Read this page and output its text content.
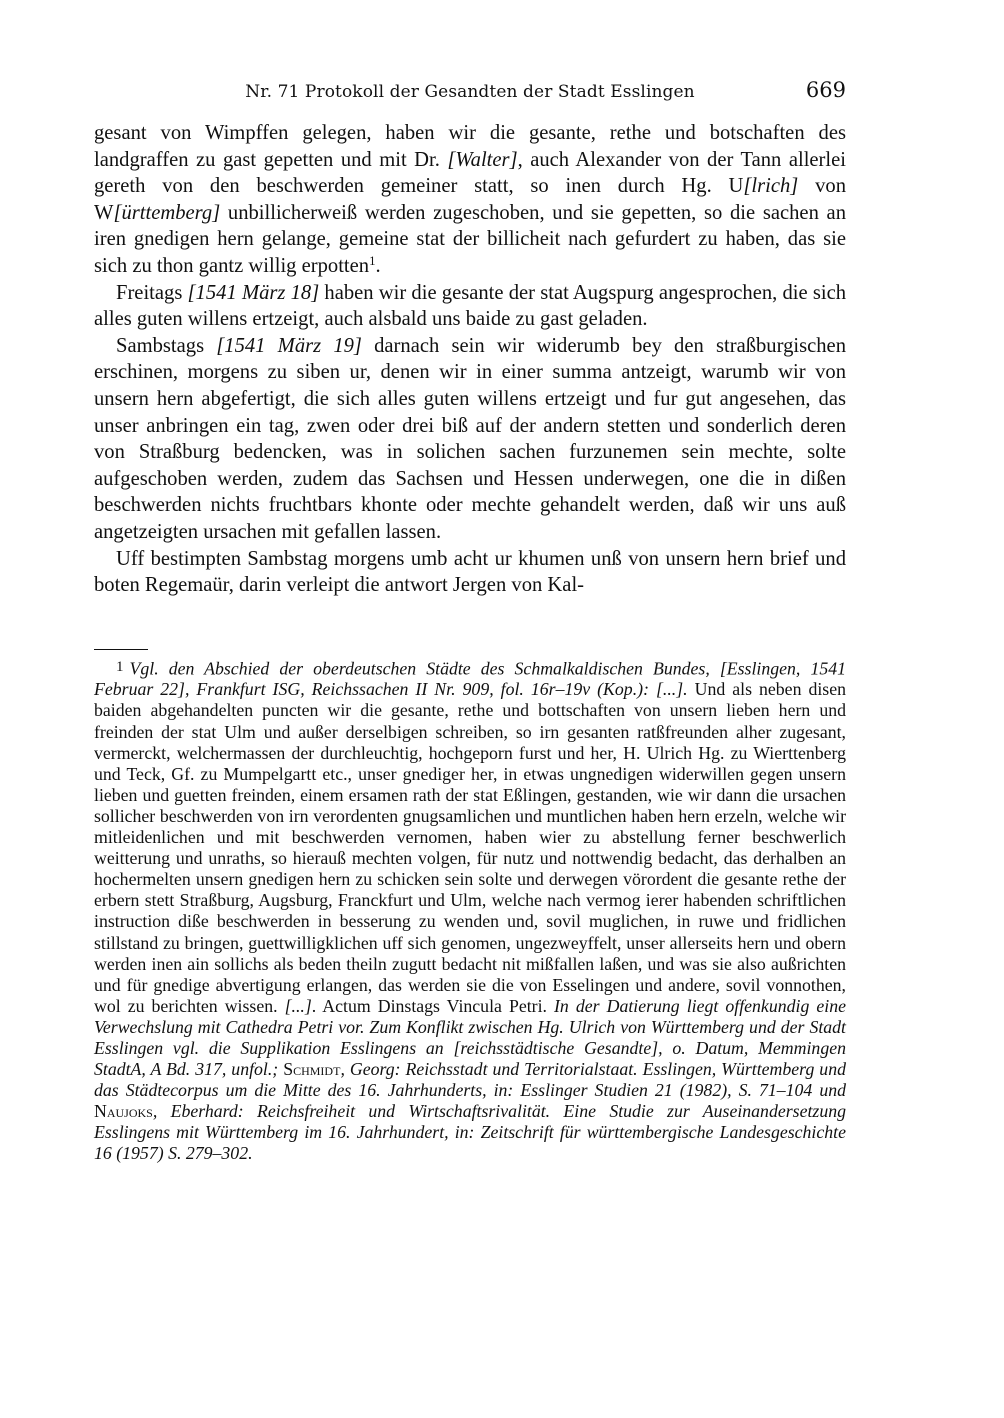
Nr. 71 Protokoll der Gesandten der Stadt Esslingen	669

gesant von Wimpffen gelegen, haben wir die gesante, rethe und botschaften des landgraffen zu gast gepetten und mit Dr. [Walter], auch Alexander von der Tann allerlei gereth von den beschwerden gemeiner statt, so inen durch Hg. U[lrich] von W[ürttemberg] unbillicherweiß werden zugeschoben, und sie gepetten, so die sachen an iren gnedigen hern gelange, gemeine stat der billicheit nach gefurdert zu haben, das sie sich zu thon gantz willig erpotten$^1$.

Freitags [1541 März 18] haben wir die gesante der stat Augspurg angesprochen, die sich alles guten willens ertzeigt, auch alsbald uns baide zu gast geladen.

Sambstags [1541 März 19] darnach sein wir widerumb bey den straßburgischen erschinen, morgens zu siben ur, denen wir in einer summa antzeigt, warumb wir von unsern hern abgefertigt, die sich alles guten willens ertzeigt und fur gut angesehen, das unser anbringen ein tag, zwen oder drei biß auf der andern stetten und sonderlich deren von Straßburg bedencken, was in solichen sachen furzunemen sein mechte, solte aufgeschoben werden, zudem das Sachsen und Hessen underwegen, one die in dißen beschwerden nichts fruchtbars khonte oder mechte gehandelt werden, daß wir uns auß angetzeigten ursachen mit gefallen lassen.

Uff bestimpten Sambstag morgens umb acht ur khumen unß von unsern hern brief und boten Regemaür, darin verleipt die antwort Jergen von Kal-

1 Vgl. den Abschied der oberdeutschen Städte des Schmalkaldischen Bundes, [Esslingen, 1541 Februar 22], Frankfurt ISG, Reichssachen II Nr. 909, fol. 16r–19v (Kop.): [...]. Und als neben disen baiden abgehandelten puncten wir die gesante, rethe und bottschaften von unsern lieben hern und freinden der stat Ulm und außer derselbigen schreiben, so irn gesanten ratßfreunden alher zugesant, vermerckt, welchermassen der durchleuchtig, hochgeporn furst und her, H. Ulrich Hg. zu Wierttenberg und Teck, Gf. zu Mumpelgartt etc., unser gnediger her, in etwas ungnedigen widerwillen gegen unsern lieben und guetten freinden, einem ersamen rath der stat Eßlingen, gestanden, wie wir dann die ursachen sollicher beschwerden von irn verordenten gnugsamlichen und muntlichen haben hern erzeln, welche wir mitleidenlichen und mit beschwerden vernomen, haben wier zu abstellung ferner beschwerlich weitterung und unraths, so hierauß mechten volgen, für nutz und nottwendig bedacht, das derhalben an hochermelten unsern gnedigen hern zu schicken sein solte und derwegen vörordent die gesante rethe der erbern stett Straßburg, Augsburg, Franckfurt und Ulm, welche nach vermog ierer habenden schriftlichen instruction diße beschwerden in besserung zu wenden und, sovil muglichen, in ruwe und fridlichen stillstand zu bringen, guettwilligklichen uff sich genomen, ungezweyffelt, unser allerseits hern und obern werden inen ain sollichs als beden theiln zugutt bedacht nit mißfallen laßen, und was sie also außrichten und für gnedige abvertigung erlangen, das werden sie die von Esselingen und andere, sovil vonnothen, wol zu berichten wissen. [...]. Actum Dinstags Vincula Petri. In der Datierung liegt offenkundig eine Verwechslung mit Cathedra Petri vor. Zum Konflikt zwischen Hg. Ulrich von Württemberg und der Stadt Esslingen vgl. die Supplikation Esslingens an [reichsstädtische Gesandte], o. Datum, Memmingen StadtA, A Bd. 317, unfol.; Schmidt, Georg: Reichsstadt und Territorialstaat. Esslingen, Württemberg und das Städtecorpus um die Mitte des 16. Jahrhunderts, in: Esslinger Studien 21 (1982), S. 71–104 und Naujoks, Eberhard: Reichsfreiheit und Wirtschaftsrivalität. Eine Studie zur Auseinandersetzung Esslingens mit Württemberg im 16. Jahrhundert, in: Zeitschrift für württembergische Landesgeschichte 16 (1957) S. 279–302.
